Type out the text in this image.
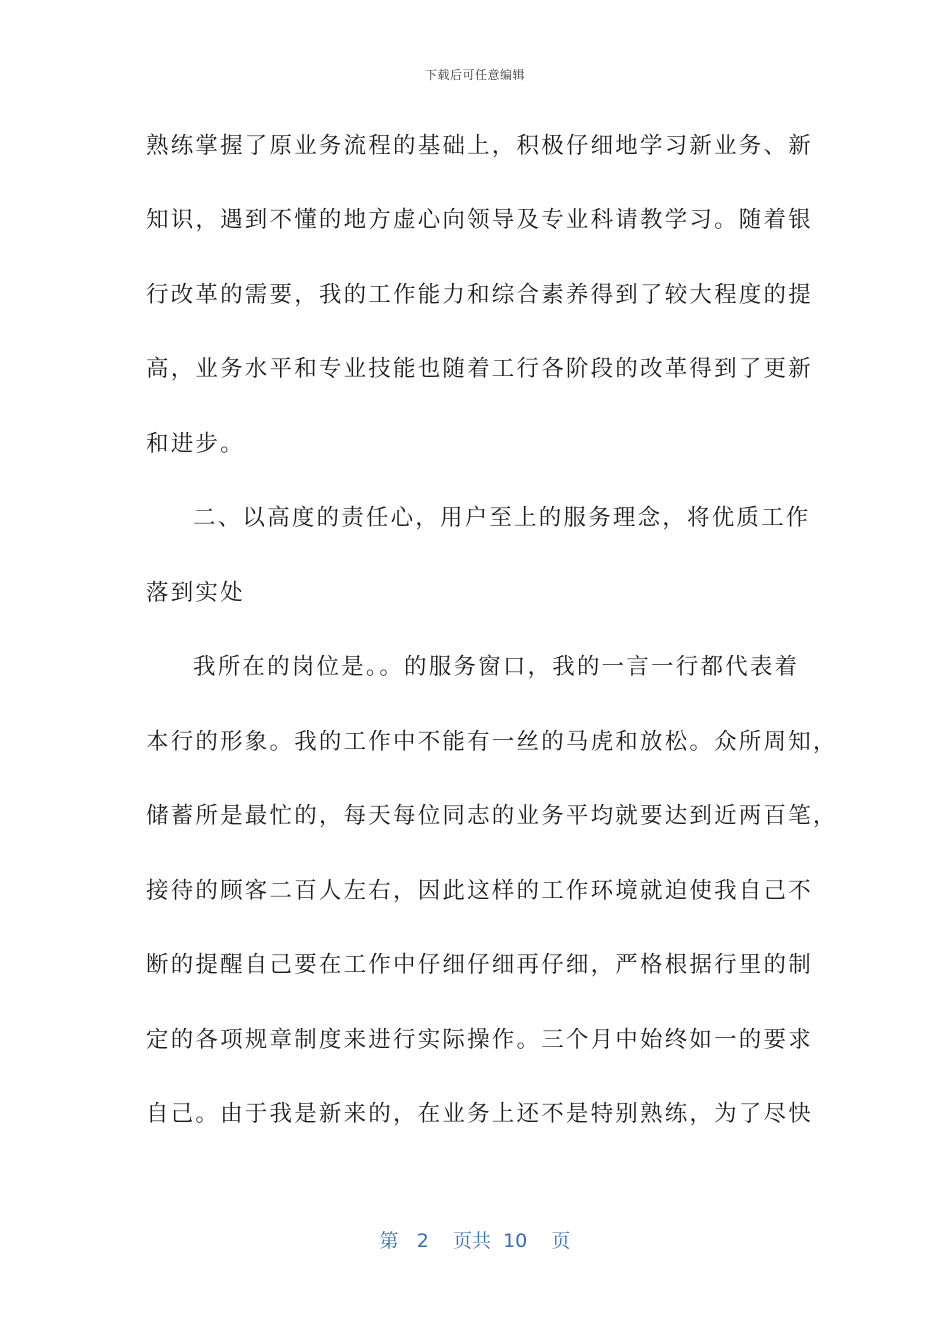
下载后可任意编辑
熟练掌握了原业务流程的基础上，积极仔细地学习新业务、新
知识，遇到不懂的地方虚心向领导及专业科请教学习。随着银
行改革的需要，我的工作能力和综合素养得到了较大程度的提
高，业务水平和专业技能也随着工行各阶段的改革得到了更新
和进步。
二、以高度的责任心，用户至上的服务理念，将优质工作
落到实处
我所在的岗位是。。的服务窗口，我的一言一行都代表着
本行的形象。我的工作中不能有一丝的马虎和放松。众所周知，
储蓄所是最忙的，每天每位同志的业务平均就要达到近两百笔，
接待的顾客二百人左右，因此这样的工作环境就迫使我自己不
断的提醒自己要在工作中仔细仔细再仔细，严格根据行里的制
定的各项规章制度来进行实际操作。三个月中始终如一的要求
自己。由于我是新来的，在业务上还不是特别熟练，为了尽快
第 2 页共 10 页
